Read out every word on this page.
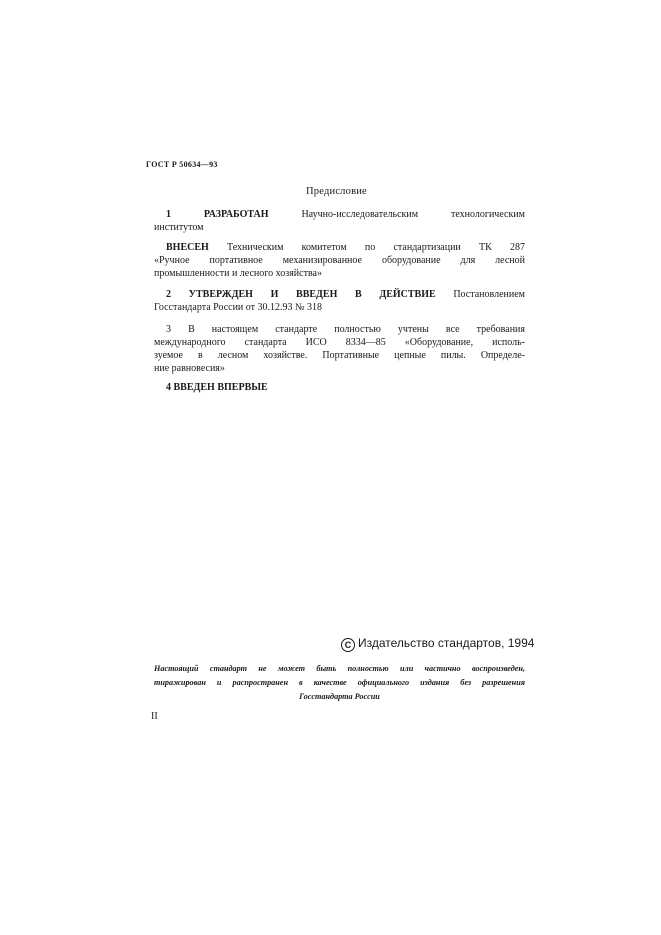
ГОСТ Р 50634—93
Предисловие
1 РАЗРАБОТАН Научно-исследовательским технологическим
институтом
ВНЕСЕН Техническим комитетом по стандартизации ТК 287
«Ручное портативное механизированное оборудование для лесной
промышленности и лесного хозяйства»
2 УТВЕРЖДЕН И ВВЕДЕН В ДЕЙСТВИЕ Постановлением
Госстандарта России от 30.12.93 № 318
3 В настоящем стандарте полностью учтены все требования
международного стандарта ИСО 8334—85 «Оборудование, исполь-
зуемое в лесном хозяйстве. Портативные цепные пилы. Определе-
ние равновесия»
4 ВВЕДЕН ВПЕРВЫЕ
С Издательство стандартов, 1994
Настоящий стандарт не может быть полностью или частично воспроизведен,
тиражирован и распространен в качестве официального издания без разрешения
Госстандарта России
II
